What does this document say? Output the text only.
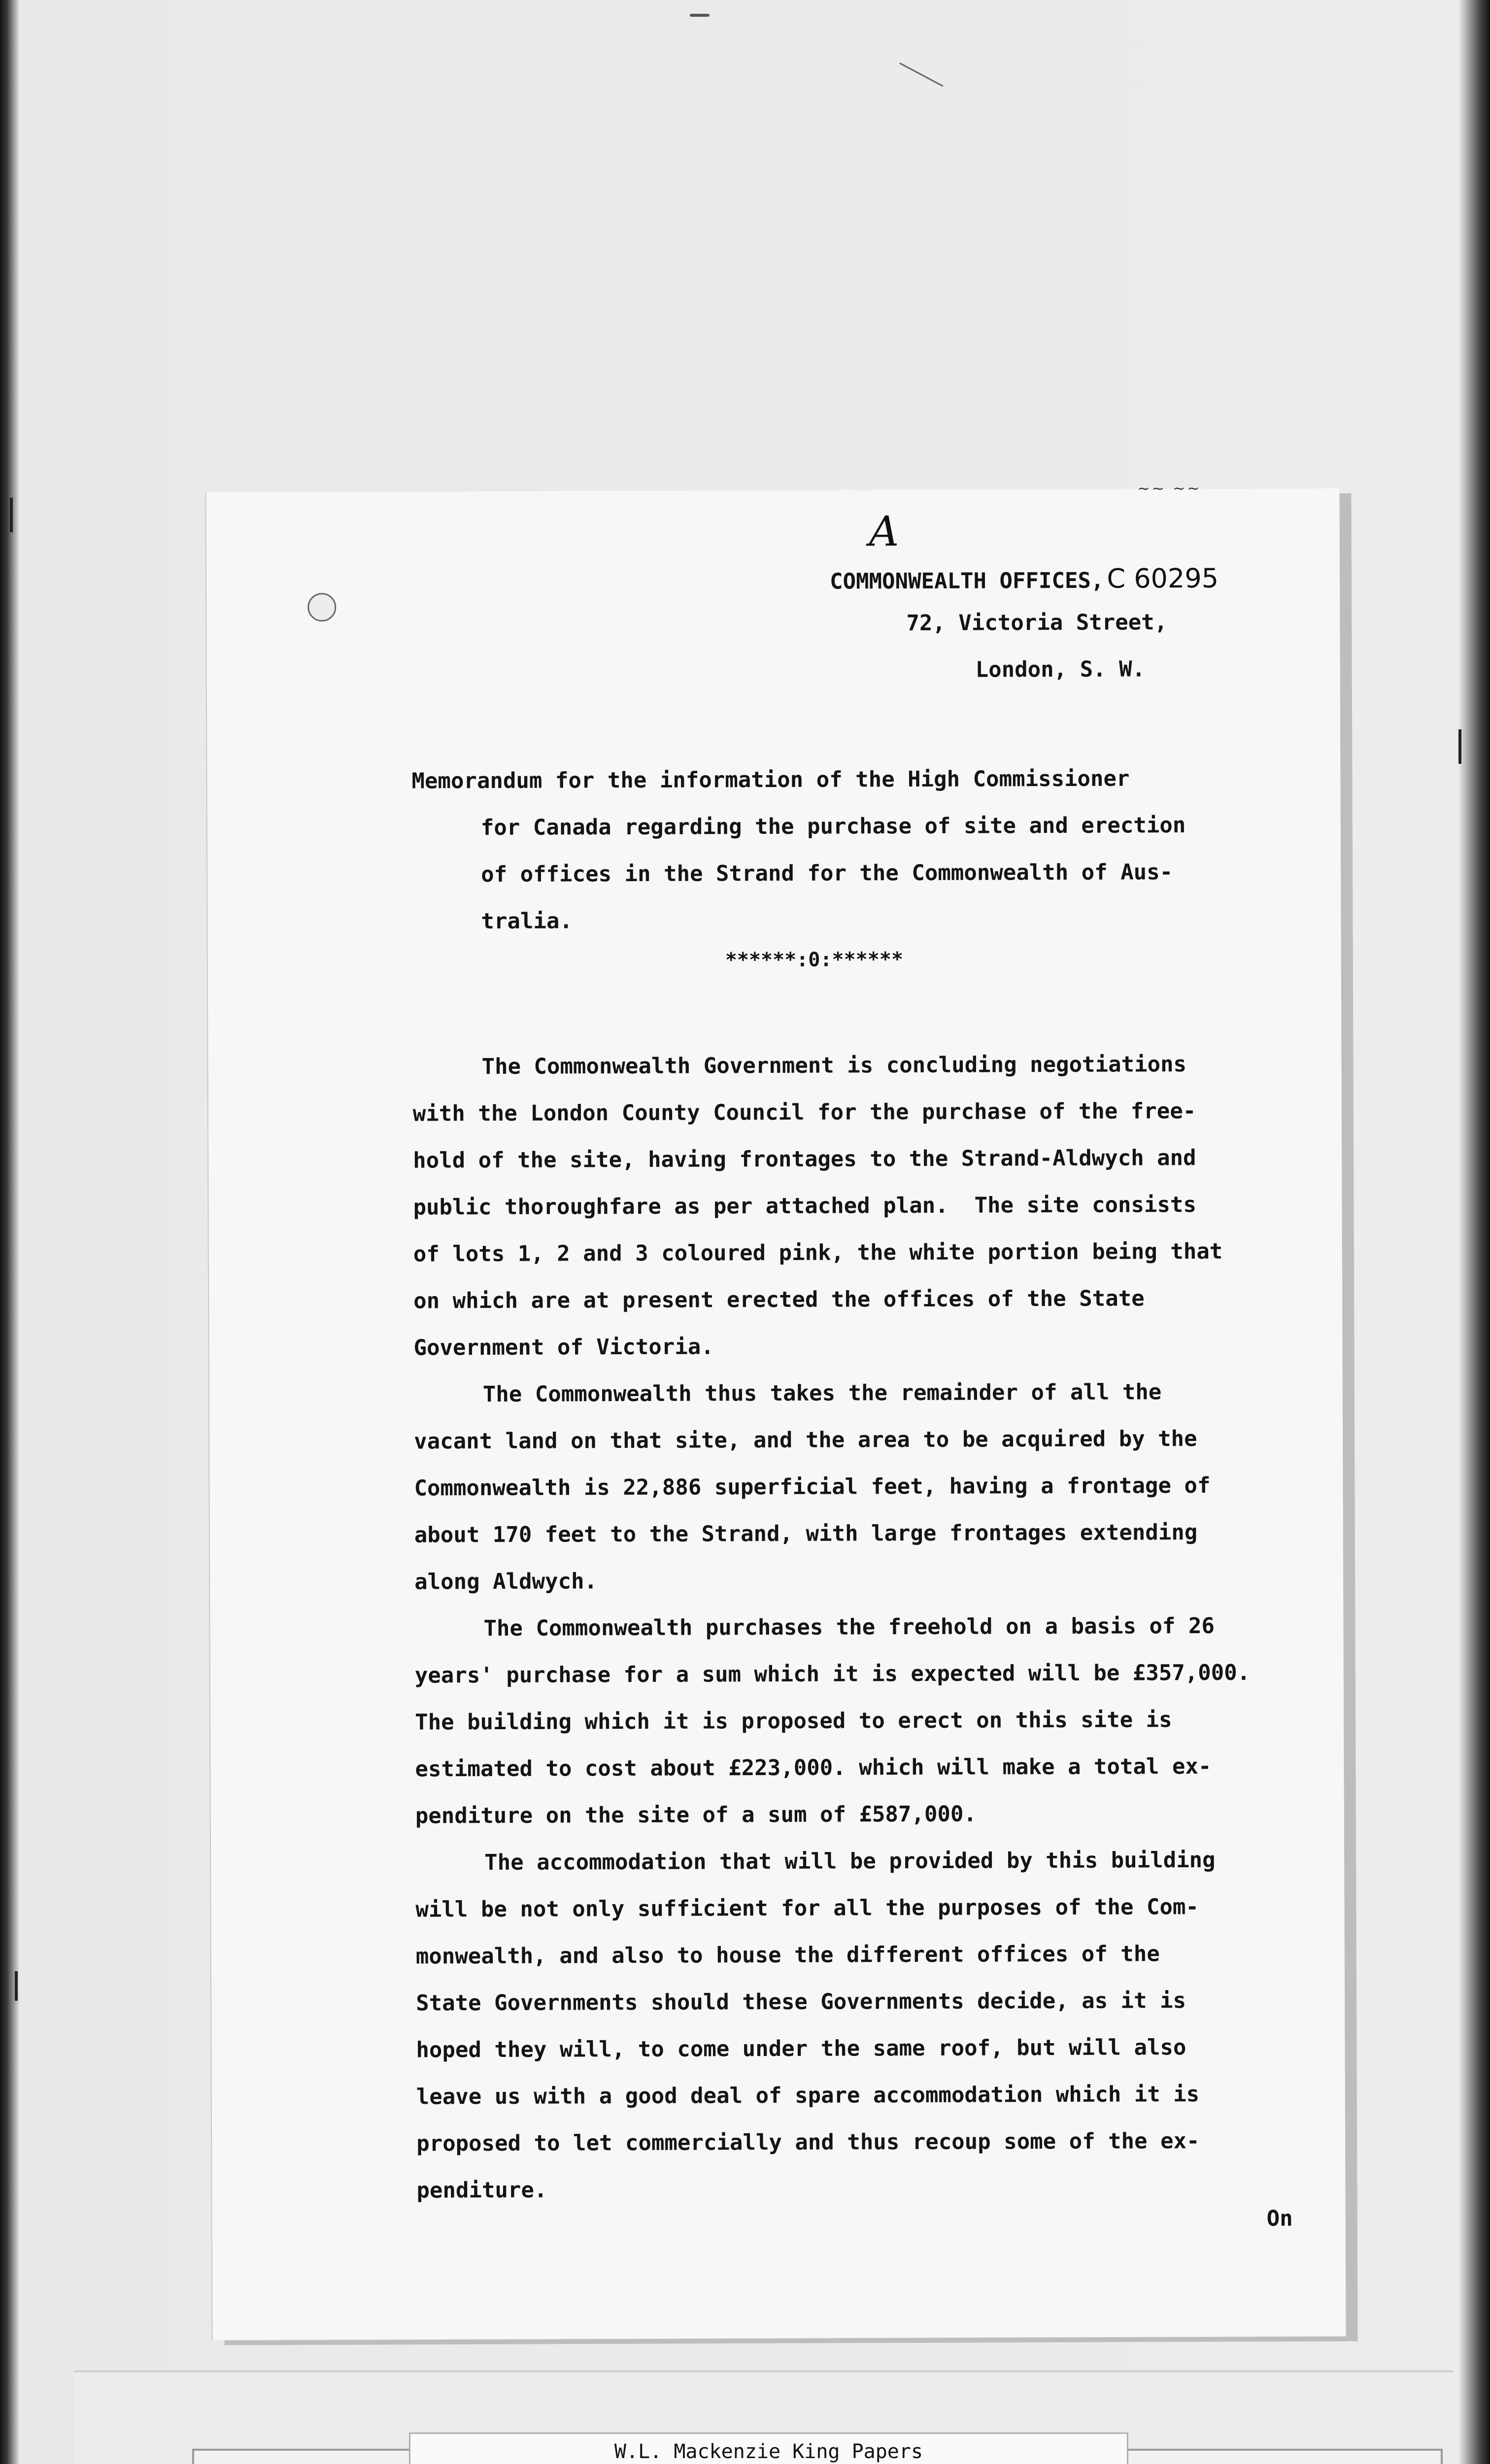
~~ ~~
A
COMMONWEALTH OFFICES, C 60295
72, Victoria Street,
London, S. W.
Memorandum for the information of the High Commissioner
for Canada regarding the purchase of site and erection
of offices in the Strand for the Commonwealth of Aus-
tralia.
******:0:******
The Commonwealth Government is concluding negotiations
with the London County Council for the purchase of the free-
hold of the site, having frontages to the Strand-Aldwych and
public thoroughfare as per attached plan.  The site consists
of lots 1, 2 and 3 coloured pink, the white portion being that
on which are at present erected the offices of the State
Government of Victoria.
The Commonwealth thus takes the remainder of all the
vacant land on that site, and the area to be acquired by the
Commonwealth is 22,886 superficial feet, having a frontage of
about 170 feet to the Strand, with large frontages extending
along Aldwych.
The Commonwealth purchases the freehold on a basis of 26
years' purchase for a sum which it is expected will be £357,000.
The building which it is proposed to erect on this site is
estimated to cost about £223,000. which will make a total ex-
penditure on the site of a sum of £587,000.
The accommodation that will be provided by this building
will be not only sufficient for all the purposes of the Com-
monwealth, and also to house the different offices of the
State Governments should these Governments decide, as it is
hoped they will, to come under the same roof, but will also
leave us with a good deal of spare accommodation which it is
proposed to let commercially and thus recoup some of the ex-
penditure.
On
W.L. Mackenzie King Papers
